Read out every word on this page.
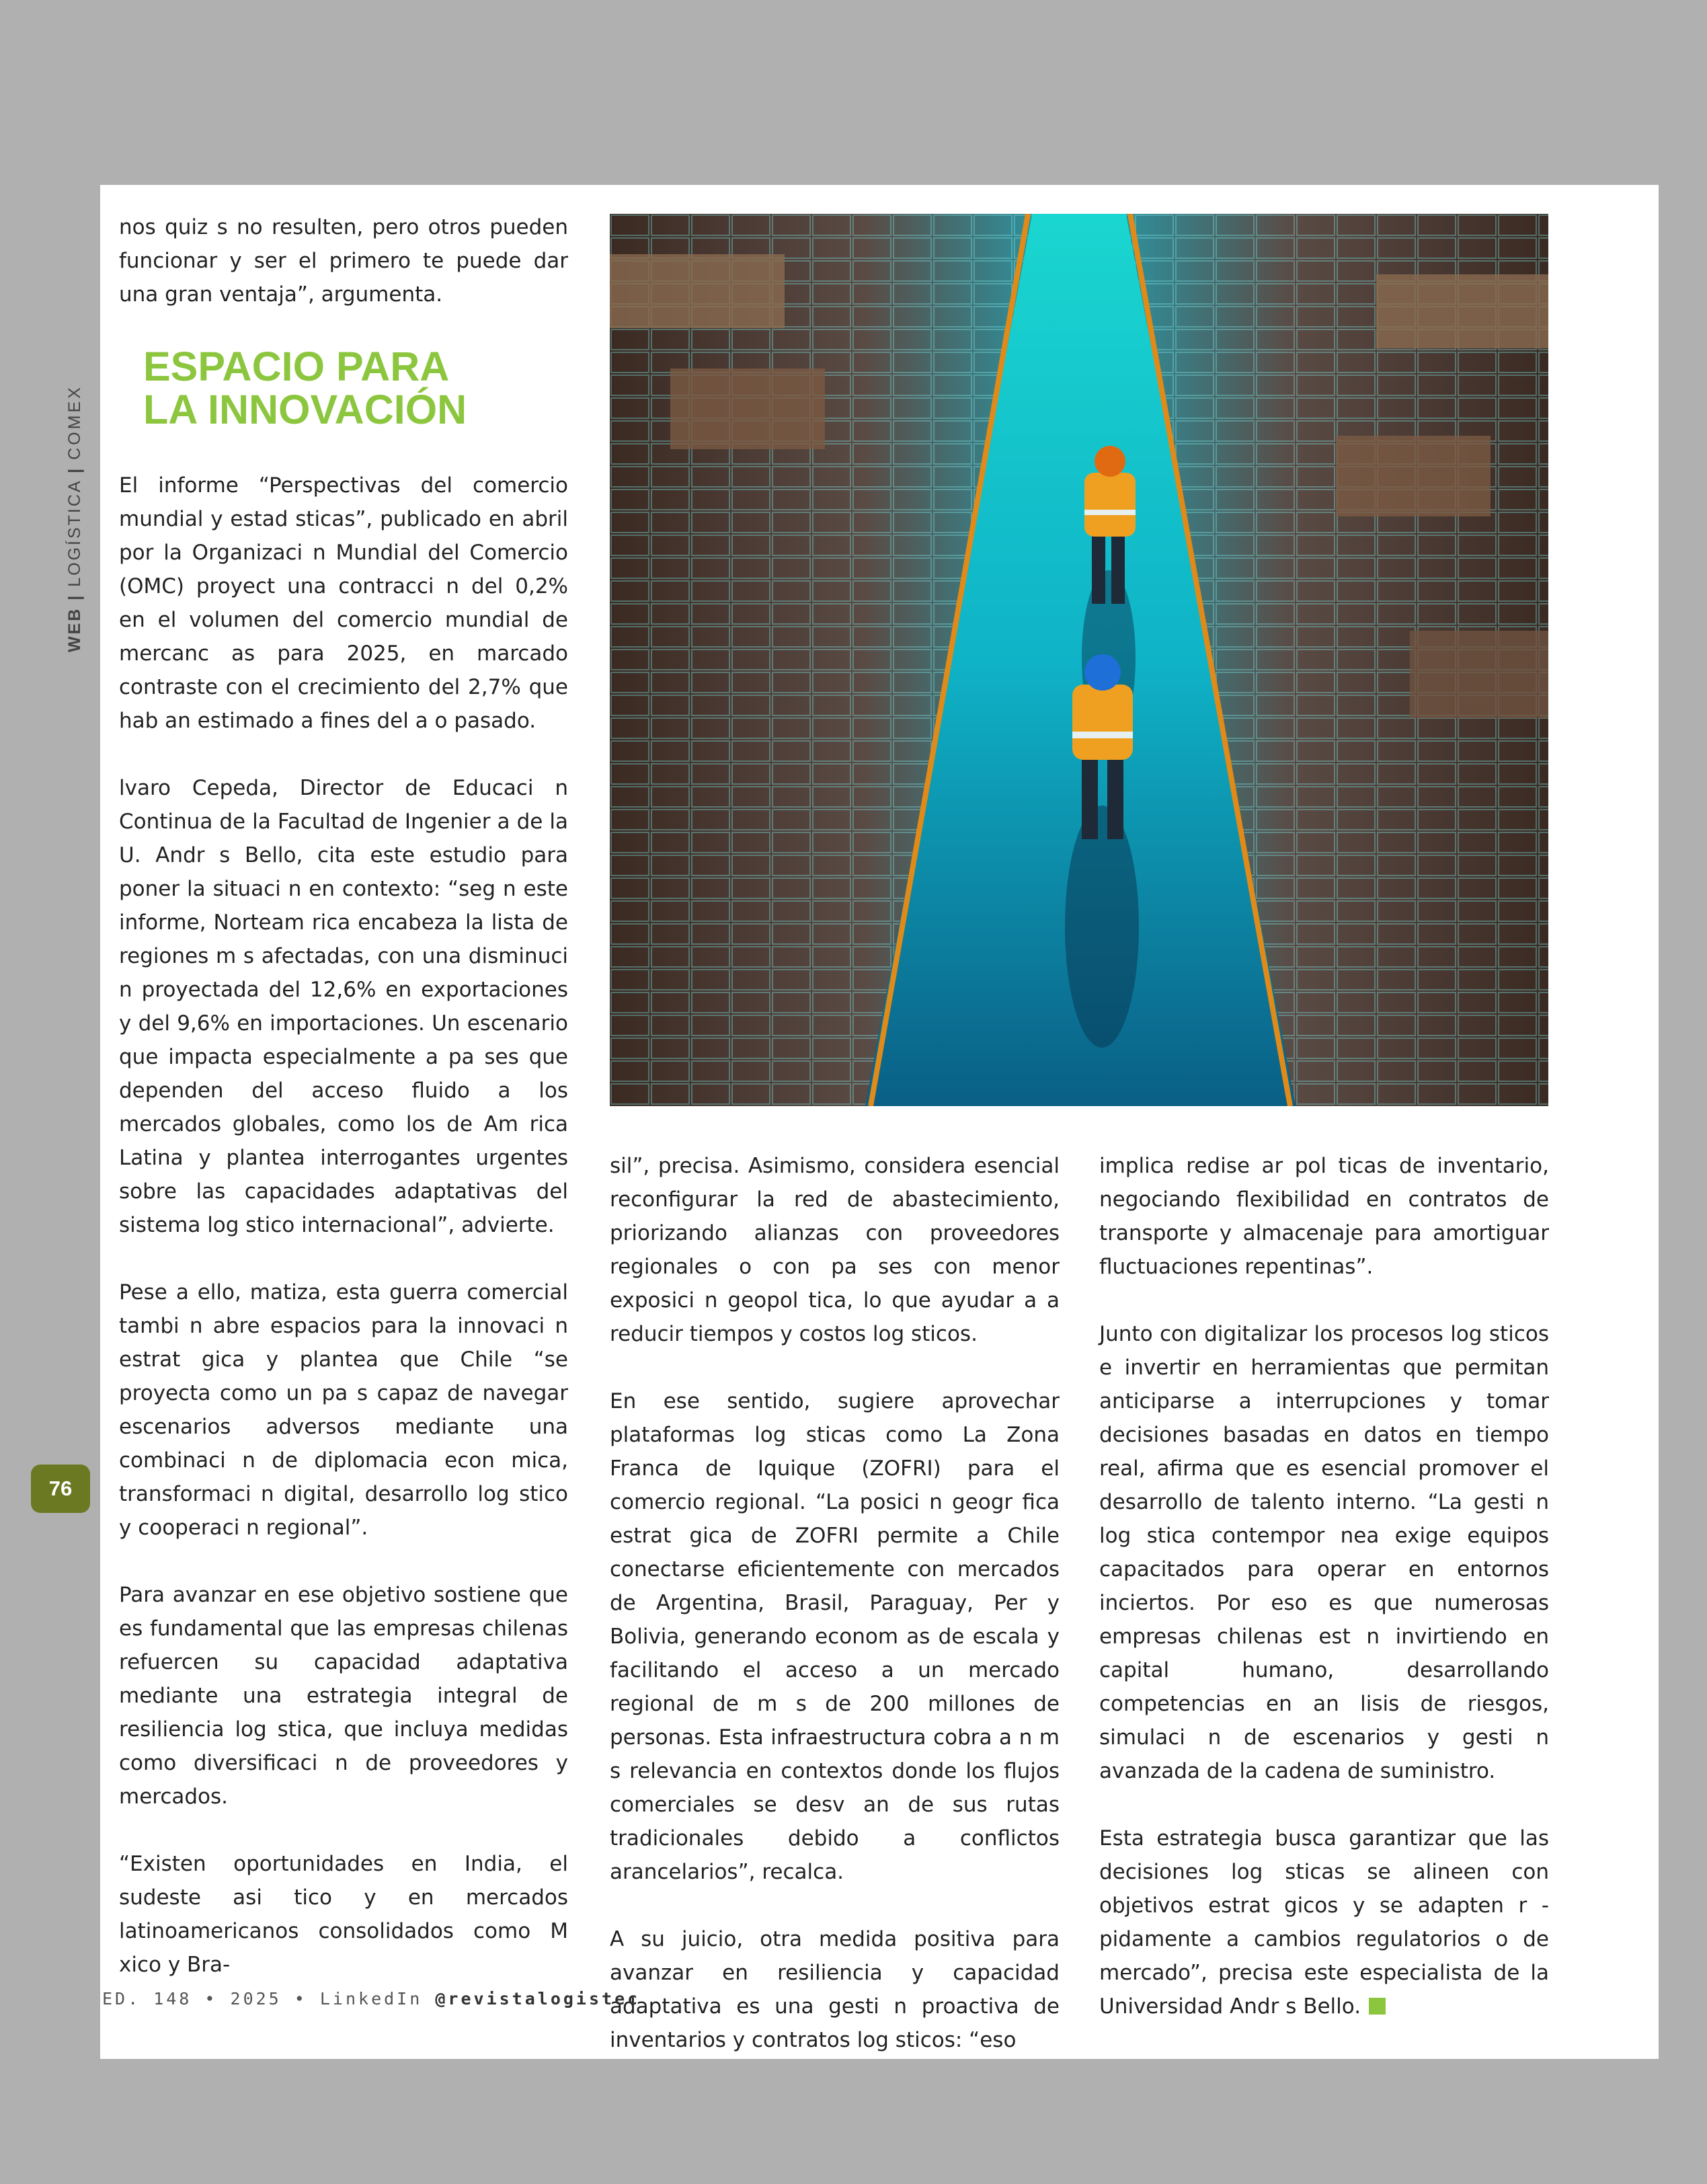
WEB | LOGÍSTICA | COMEX
76

nos quiz s no resulten, pero otros pueden funcionar y ser el primero te puede dar una gran ventaja”, argumenta.

ESPACIO PARA
LA INNOVACIÓN

El informe “Perspectivas del comercio mundial y estad sticas”, publicado en abril por la Organizaci n Mundial del Comercio (OMC) proyect una contracci n del 0,2% en el volumen del comercio mundial de mercanc as para 2025, en marcado contraste con el crecimiento del 2,7% que hab an estimado a fines del a o pasado.

lvaro Cepeda, Director de Educaci n Continua de la Facultad de Ingenier a de la U. Andr s Bello, cita este estudio para poner la situaci n en contexto: “seg n este informe, Norteam rica encabeza la lista de regiones m s afectadas, con una disminuci n proyectada del 12,6% en exportaciones y del 9,6% en importaciones. Un escenario que impacta especialmente a pa ses que dependen del acceso fluido a los mercados globales, como los de Am rica Latina y plantea interrogantes urgentes sobre las capacidades adaptativas del sistema log stico internacional”, advierte.

Pese a ello, matiza, esta guerra comercial tambi n abre espacios para la innovaci n estrat gica y plantea que Chile “se proyecta como un pa s capaz de navegar escenarios adversos mediante una combinaci n de diplomacia econ mica, transformaci n digital, desarrollo log stico y cooperaci n regional”.

Para avanzar en ese objetivo sostiene que es fundamental que las empresas chilenas refuercen su capacidad adaptativa mediante una estrategia integral de resiliencia log stica, que incluya medidas como diversificaci n de proveedores y mercados.

“Existen oportunidades en India, el sudeste asi tico y en mercados latinoamericanos consolidados como M xico y Bra-

sil”, precisa. Asimismo, considera esencial reconfigurar la red de abastecimiento, priorizando alianzas con proveedores regionales o con pa ses con menor exposici n geopol tica, lo que ayudar a a reducir tiempos y costos log sticos.

En ese sentido, sugiere aprovechar plataformas log sticas como La Zona Franca de Iquique (ZOFRI) para el comercio regional. “La posici n geogr fica estrat gica de ZOFRI permite a Chile conectarse eficientemente con mercados de Argentina, Brasil, Paraguay, Per y Bolivia, generando econom as de escala y facilitando el acceso a un mercado regional de m s de 200 millones de personas. Esta infraestructura cobra a n m s relevancia en contextos donde los flujos comerciales se desv an de sus rutas tradicionales debido a conflictos arancelarios”, recalca.

A su juicio, otra medida positiva para avanzar en resiliencia y capacidad adaptativa es una gesti n proactiva de inventarios y contratos log sticos: “eso

implica redise ar pol ticas de inventario, negociando flexibilidad en contratos de transporte y almacenaje para amortiguar fluctuaciones repentinas”.

Junto con digitalizar los procesos log sticos e invertir en herramientas que permitan anticiparse a interrupciones y tomar decisiones basadas en datos en tiempo real, afirma que es esencial promover el desarrollo de talento interno. “La gesti n log stica contempor nea exige equipos capacitados para operar en entornos inciertos. Por eso es que numerosas empresas chilenas est n invirtiendo en capital humano, desarrollando competencias en an lisis de riesgos, simulaci n de escenarios y gesti n avanzada de la cadena de suministro.

Esta estrategia busca garantizar que las decisiones log sticas se alineen con objetivos estrat gicos y se adapten r -pidamente a cambios regulatorios o de mercado”, precisa este especialista de la Universidad Andr s Bello.

ED. 148 • 2025 • LinkedIn @revistalogistec
